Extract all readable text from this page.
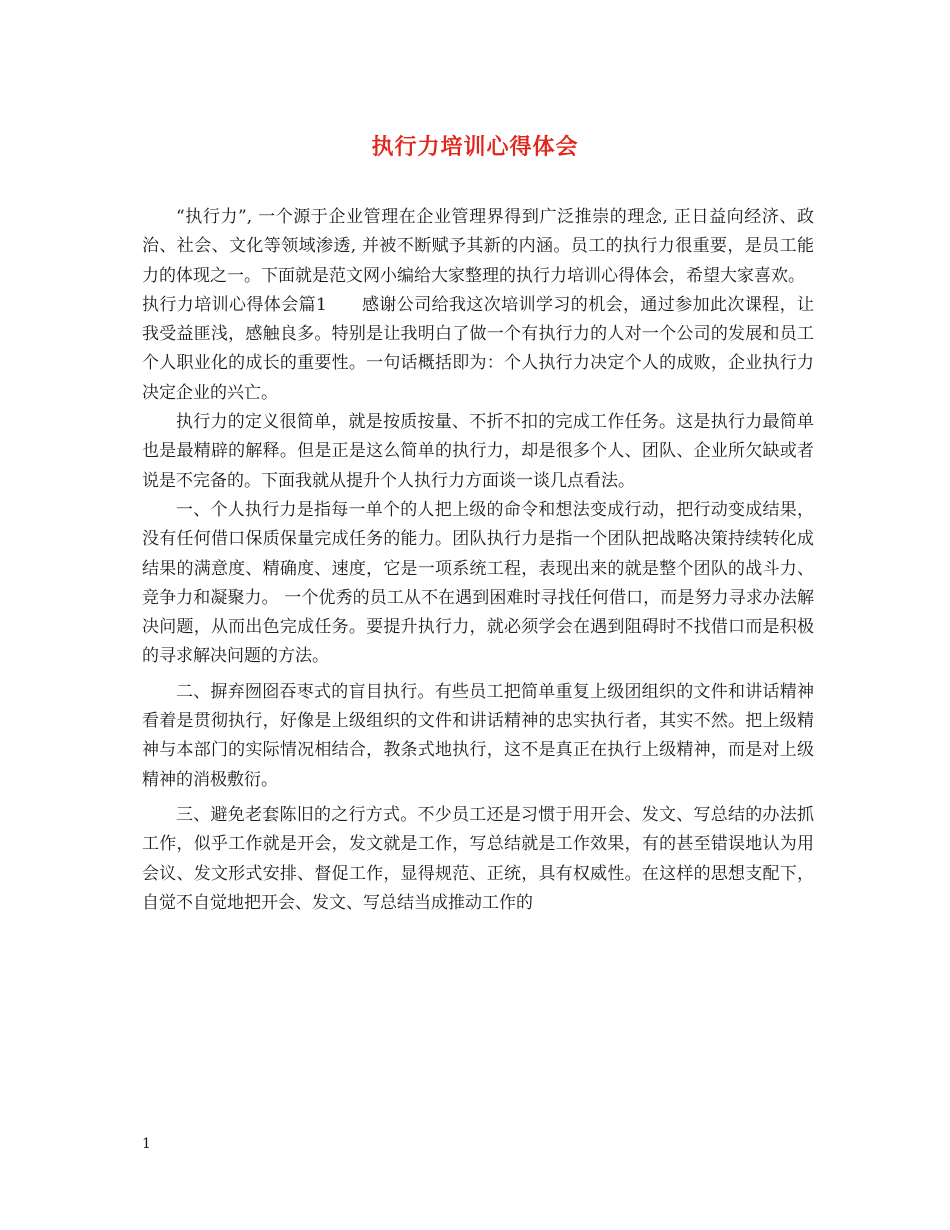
执行力培训心得体会

“执行力”, 一个源于企业管理在企业管理界得到广泛推崇的理念, 正日益向经济、政治、社会、文化等领域渗透, 并被不断赋予其新的内涵。员工的执行力很重要，是员工能力的体现之一。下面就是范文网小编给大家整理的执行力培训心得体会，希望大家喜欢。

执行力培训心得体会篇1　　感谢公司给我这次培训学习的机会，通过参加此次课程，让我受益匪浅，感触良多。特别是让我明白了做一个有执行力的人对一个公司的发展和员工个人职业化的成长的重要性。一句话概括即为：个人执行力决定个人的成败，企业执行力决定企业的兴亡。

执行力的定义很简单，就是按质按量、不折不扣的完成工作任务。这是执行力最简单也是最精辟的解释。但是正是这么简单的执行力，却是很多个人、团队、企业所欠缺或者说是不完备的。下面我就从提升个人执行力方面谈一谈几点看法。

一、个人执行力是指每一单个的人把上级的命令和想法变成行动，把行动变成结果，没有任何借口保质保量完成任务的能力。团队执行力是指一个团队把战略决策持续转化成结果的满意度、精确度、速度，它是一项系统工程，表现出来的就是整个团队的战斗力、竞争力和凝聚力。 一个优秀的员工从不在遇到困难时寻找任何借口，而是努力寻求办法解决问题，从而出色完成任务。要提升执行力，就必须学会在遇到阻碍时不找借口而是积极的寻求解决问题的方法。

二、摒弃囫囵吞枣式的盲目执行。有些员工把简单重复上级团组织的文件和讲话精神看着是贯彻执行，好像是上级组织的文件和讲话精神的忠实执行者，其实不然。把上级精神与本部门的实际情况相结合，教条式地执行，这不是真正在执行上级精神，而是对上级精神的消极敷衍。

三、避免老套陈旧的之行方式。不少员工还是习惯于用开会、发文、写总结的办法抓工作，似乎工作就是开会，发文就是工作，写总结就是工作效果，有的甚至错误地认为用会议、发文形式安排、督促工作，显得规范、正统，具有权威性。在这样的思想支配下，自觉不自觉地把开会、发文、写总结当成推动工作的

1
